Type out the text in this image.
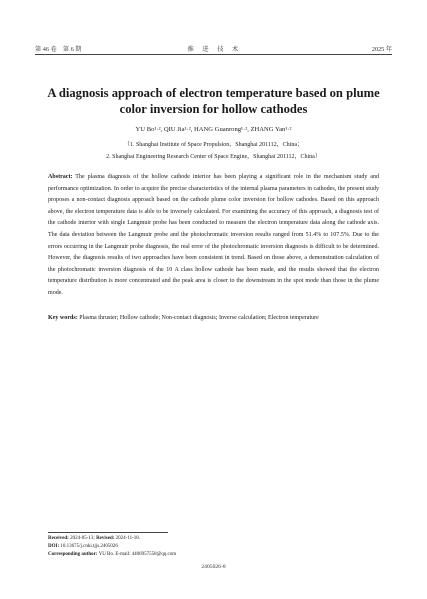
第 46 卷　第 6 期	推　进　技　术	2025 年
A diagnosis approach of electron temperature based on plume color inversion for hollow cathodes
YU Bo¹·², QIU Jia¹·², HANG Guanrong¹·², ZHANG Yan¹·²
（1. Shanghai Institute of Space Propulsion，Shanghai 201112，China；
2. Shanghai Engineering Research Center of Space Engine，Shanghai 201112，China）

Abstract: The plasma diagnosis of the hollow cathode interior has been playing a significant role in the mechanism study and performance optimization. In order to acquire the precise characteristics of the internal plasma parameters in cathodes, the present study proposes a non-contact diagnosis approach based on the cathode plume color inversion for hollow cathodes. Based on this approach above, the electron temperature data is able to be inversely calculated. For examining the accuracy of this approach, a diagnosis test of the cathode interior with single Langmuir probe has been conducted to measure the electron temperature data along the cathode axis. The data deviation between the Langmuir probe and the photochromatic inversion results ranged from 51.4% to 107.5%. Due to the errors occurring in the Langmuir probe diagnosis, the real error of the photochromatic inversion diagnosis is difficult to be determined. However, the diagnosis results of two approaches have been consistent in trend. Based on those above, a demonstration calculation of the photochromatic inversion diagnosis of the 10 A class hollow cathode has been made, and the results showed that the electron temperature distribution is more concentrated and the peak area is closer to the downstream in the spot mode than those in the plume mode.

Key words: Plasma thruster; Hollow cathode; Non-contact diagnosis; Inverse calculation; Electron temperature

Received: 2024-05-13; Revised: 2024-11-18.
DOI: 10.13675/j.cnki.tjjs.2405026
Corresponding author: YU Bo. E-mail: 4406957558@qq.com
2405026-8
